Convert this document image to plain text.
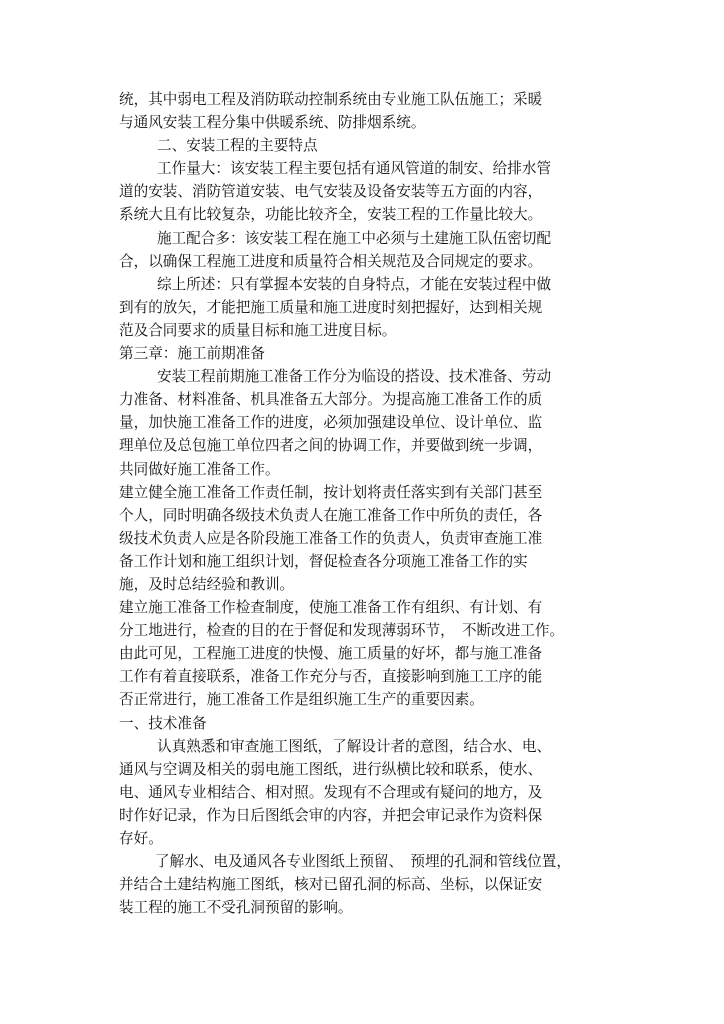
统，其中弱电工程及消防联动控制系统由专业施工队伍施工；采暖
与通风安装工程分集中供暖系统、防排烟系统。
二、安装工程的主要特点
工作量大：该安装工程主要包括有通风管道的制安、给排水管
道的安装、消防管道安装、电气安装及设备安装等五方面的内容，
系统大且有比较复杂，功能比较齐全，安装工程的工作量比较大。
施工配合多：该安装工程在施工中必须与土建施工队伍密切配
合，以确保工程施工进度和质量符合相关规范及合同规定的要求。
综上所述：只有掌握本安装的自身特点，才能在安装过程中做
到有的放矢，才能把施工质量和施工进度时刻把握好，达到相关规
范及合同要求的质量目标和施工进度目标。
第三章：施工前期准备
安装工程前期施工准备工作分为临设的搭设、技术准备、劳动
力准备、材料准备、机具准备五大部分。为提高施工准备工作的质
量，加快施工准备工作的进度，必须加强建设单位、设计单位、监
理单位及总包施工单位四者之间的协调工作，并要做到统一步调，
共同做好施工准备工作。
建立健全施工准备工作责任制，按计划将责任落实到有关部门甚至
个人，同时明确各级技术负责人在施工准备工作中所负的责任，各
级技术负责人应是各阶段施工准备工作的负责人，负责审查施工准
备工作计划和施工组织计划，督促检查各分项施工准备工作的实
施，及时总结经验和教训。
建立施工准备工作检查制度，使施工准备工作有组织、有计划、有
分工地进行，检查的目的在于督促和发现薄弱环节，　不断改进工作。
由此可见，工程施工进度的快慢、施工质量的好坏，都与施工准备
工作有着直接联系，准备工作充分与否，直接影响到施工工序的能
否正常进行，施工准备工作是组织施工生产的重要因素。
一、技术准备
认真熟悉和审查施工图纸，了解设计者的意图，结合水、电、
通风与空调及相关的弱电施工图纸，进行纵横比较和联系，使水、
电、通风专业相结合、相对照。发现有不合理或有疑问的地方，及
时作好记录，作为日后图纸会审的内容，并把会审记录作为资料保
存好。
了解水、电及通风各专业图纸上预留、　预埋的孔洞和管线位置，
并结合土建结构施工图纸，核对已留孔洞的标高、坐标，以保证安
装工程的施工不受孔洞预留的影响。
